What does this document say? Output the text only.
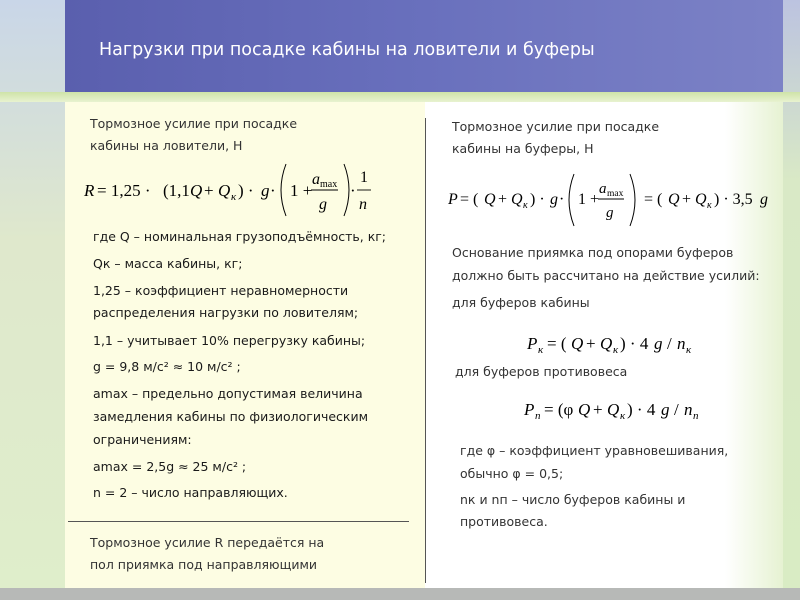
Нагрузки при посадке кабины на ловители и буферы
Тормозное усилие при посадке
кабины на ловители, Н
R = 1,25 · (1,1 Q + Q к ) · g · 1 +
a max
g
·
1
n
где Q – номинальная грузоподъёмность, кг;
Qк – масса кабины, кг;
1,25 – коэффициент неравномерности
распределения нагрузки по ловителям;
1,1 – учитывает 10% перегрузку кабины;
g = 9,8 м/с² ≈ 10 м/с² ;
amax – предельно допустимая величина
замедления кабины по физиологическим
ограничениям:
amax = 2,5g ≈ 25 м/с² ;
n = 2 – число направляющих.
Тормозное усилие R передаётся на
пол приямка под направляющими
Тормозное усилие при посадке
кабины на буферы, Н
P = ( Q + Q к ) · g · 1 +
a max
g
= ( Q + Q к ) · 3,5 g
Основание приямка под опорами буферов
должно быть рассчитано на действие усилий:
для буферов кабины
P к = ( Q + Q к ) · 4 g / n к
для буферов противовеса
P п = (φ Q + Q к ) · 4 g / n п
где φ – коэффициент уравновешивания,
обычно φ = 0,5;
nк и nп – число буферов кабины и
противовеса.
